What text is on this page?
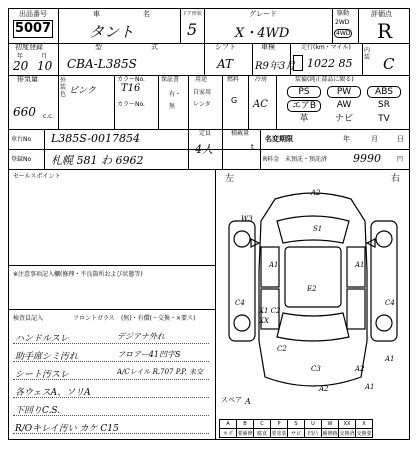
出品番号
5007
車	名
タント
ドア形状
5
グレード
X・4WD
駆動
2WD
4WD
評価点
R
初度登録
年	月
20 10
型	式
CBA-L385S
シフト
AT
車検
R9年3月
走行(km・マイル)
1022 85
内装 C
排気量
660 c.c.
外装色 ピンク
カラーNo.
T16
カラーNo.
保証書
有・無
用途
自家用
レンタ
燃料
G
冷房
AC
装備(純正部品に限る)
PS	PW	ABS
エアB	AW	SR
革	ナビ	TV
車台No L385S-0017854	定員	積載量
名変期限	年	月	日
登録No 札幌 581 わ 6962
4人	t
R料金 未預託・預託済 9990	円
セールスポイント
※注意事項記入欄(修理・不良箇所および状態等)
検査員記入	フロントガラス (無)・有償(・交換・×要ス)
ハンドルスレ	デジアナ外れ
助手席シミ汚れ	フロアー41凹字S
シート汚スレ	A/Cレイル R.707 P.P. 未交
各ウェスA、ソリA
下回りC.S.
R/Oキレイ汚い カケ C15
左	右
A2
W3
S1
A1	A1
X1 C2
XX
E2
C4	C4
C2
C3	A2
A1
A1
A2
スペア A
A	B	C	P	S	U	W	XX	X
キズ	要補修	腐食	要塗装	サビ	凹凸	補修跡	交換済	交換要
